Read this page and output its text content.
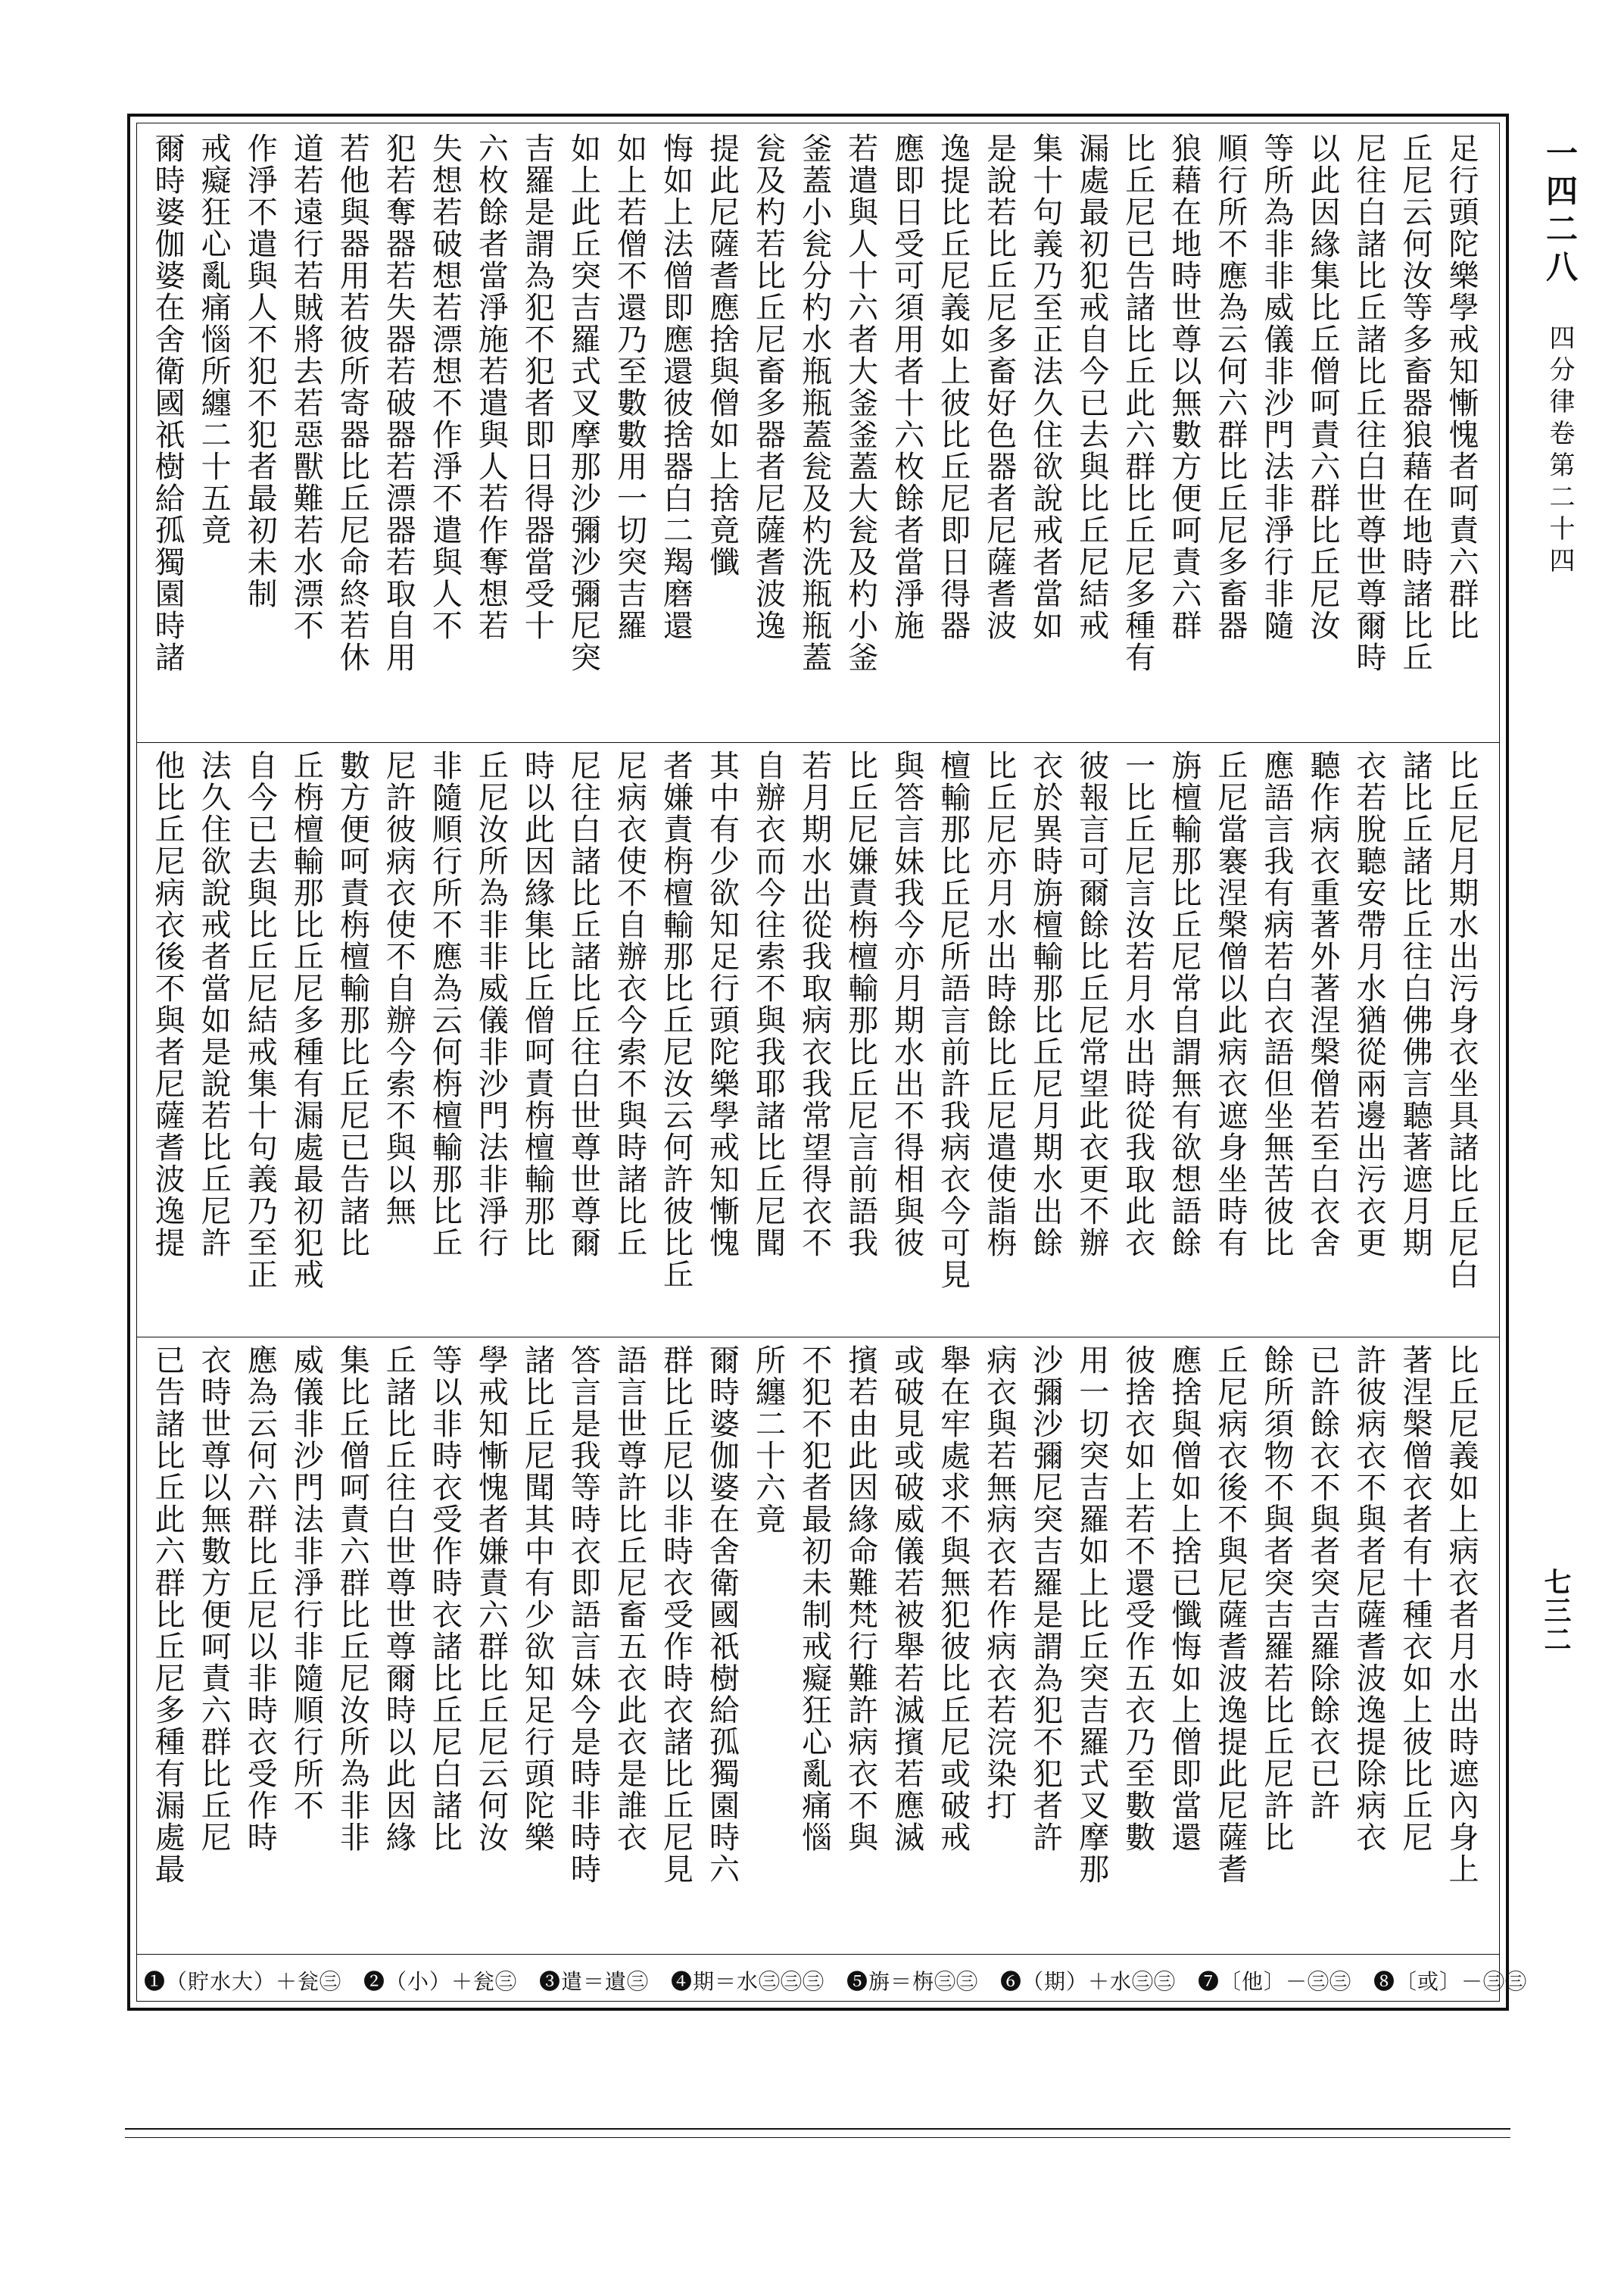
一四二八 四分律卷第二十四
七三二
足行頭陀樂學戒知慚愧者呵責六群比
丘尼云何汝等多畜器狼藉在地時諸比丘
尼往白諸比丘諸比丘往白世尊世尊爾時
以此因緣集比丘僧呵責六群比丘尼汝
等所為非非威儀非沙門法非淨行非隨
順行所不應為云何六群比丘尼多畜器
狼藉在地時世尊以無數方便呵責六群
比丘尼已告諸比丘此六群比丘尼多種有
漏處最初犯戒自今已去與比丘尼結戒
集十句義乃至正法久住欲說戒者當如
是說若比丘尼多畜好色器者尼薩耆波
逸提比丘尼義如上彼比丘尼即日得器
應即日受可須用者十六枚餘者當淨施
若遣與人十六者大釜釜蓋大瓮及杓小釜
釜蓋小瓮分杓水瓶瓶蓋瓮及杓洗瓶瓶蓋
瓮及杓若比丘尼畜多器者尼薩耆波逸
提此尼薩耆應捨與僧如上捨竟懺
悔如上法僧即應還彼捨器白二羯磨還
如上若僧不還乃至數數用一切突吉羅
如上此丘突吉羅式叉摩那沙彌沙彌尼突
吉羅是謂為犯不犯者即日得器當受十
六枚餘者當淨施若遣與人若作奪想若
失想若破想若漂想不作淨不遣與人不
犯若奪器若失器若破器若漂器若取自用
若他與器用若彼所寄器比丘尼命終若休
道若遠行若賊將去若惡獸難若水漂不
作淨不遣與人不犯不犯者最初未制
戒癡狂心亂痛惱所纏二十五竟
爾時婆伽婆在舍衛國祇樹給孤獨園時諸
比丘尼月期水出污身衣坐具諸比丘尼白
諸比丘諸比丘往白佛佛言聽著遮月期
衣若脫聽安帶月水猶從兩邊出污衣更
聽作病衣重著外著涅槃僧若至白衣舍
應語言我有病若白衣語但坐無苦彼比
丘尼當褰涅槃僧以此病衣遮身坐時有
旃檀輸那比丘尼常自謂無有欲想語餘
一比丘尼言汝若月水出時從我取此衣
彼報言可爾餘比丘尼常望此衣更不辦
衣於異時旃檀輸那比丘尼月期水出餘
比丘尼亦月水出時餘比丘尼遣使詣栴
檀輸那比丘尼所語言前許我病衣今可見
與答言妹我今亦月期水出不得相與彼
比丘尼嫌責栴檀輸那比丘尼言前語我
若月期水出從我取病衣我常望得衣不
自辦衣而今往索不與我耶諸比丘尼聞
其中有少欲知足行頭陀樂學戒知慚愧
者嫌責栴檀輸那比丘尼汝云何許彼比丘
尼病衣使不自辦衣今索不與時諸比丘
尼往白諸比丘諸比丘往白世尊世尊爾
時以此因緣集比丘僧呵責栴檀輸那比
丘尼汝所為非非威儀非沙門法非淨行
非隨順行所不應為云何栴檀輸那比丘
尼許彼病衣使不自辦今索不與以無
數方便呵責栴檀輸那比丘尼已告諸比
丘栴檀輸那比丘尼多種有漏處最初犯戒
自今已去與比丘尼結戒集十句義乃至正
法久住欲說戒者當如是說若比丘尼許
他比丘尼病衣後不與者尼薩耆波逸提
比丘尼義如上病衣者月水出時遮內身上
著涅槃僧衣者有十種衣如上彼比丘尼
許彼病衣不與者尼薩耆波逸提除病衣
已許餘衣不與者突吉羅除餘衣已許
餘所須物不與者突吉羅若比丘尼許比
丘尼病衣後不與尼薩耆波逸提此尼薩耆
應捨與僧如上捨已懺悔如上僧即當還
彼捨衣如上若不還受作五衣乃至數數
用一切突吉羅如上比丘突吉羅式叉摩那
沙彌沙彌尼突吉羅是謂為犯不犯者許
病衣與若無病衣若作病衣若浣染打
舉在牢處求不與無犯彼比丘尼或破戒
或破見或破威儀若被舉若滅擯若應滅
擯若由此因緣命難梵行難許病衣不與
不犯不犯者最初未制戒癡狂心亂痛惱
所纏二十六竟
爾時婆伽婆在舍衛國祇樹給孤獨園時六
群比丘尼以非時衣受作時衣諸比丘尼見
語言世尊許比丘尼畜五衣此衣是誰衣
答言是我等時衣即語言妹今是時非時時
諸比丘尼聞其中有少欲知足行頭陀樂
學戒知慚愧者嫌責六群比丘尼云何汝
等以非時衣受作時衣諸比丘尼白諸比
丘諸比丘往白世尊世尊爾時以此因緣
集比丘僧呵責六群比丘尼汝所為非非
威儀非沙門法非淨行非隨順行所不
應為云何六群比丘尼以非時衣受作時
衣時世尊以無數方便呵責六群比丘尼
已告諸比丘此六群比丘尼多種有漏處最
❶（貯水大）＋瓮㊂　❷（小）＋瓮㊂　❸遣＝遺㊂　❹期＝水㊂㊂㊂　❺旃＝栴㊂㊂　❻（期）＋水㊂㊂　❼〔他〕－㊂㊂　❽〔或〕－㊂㊂
